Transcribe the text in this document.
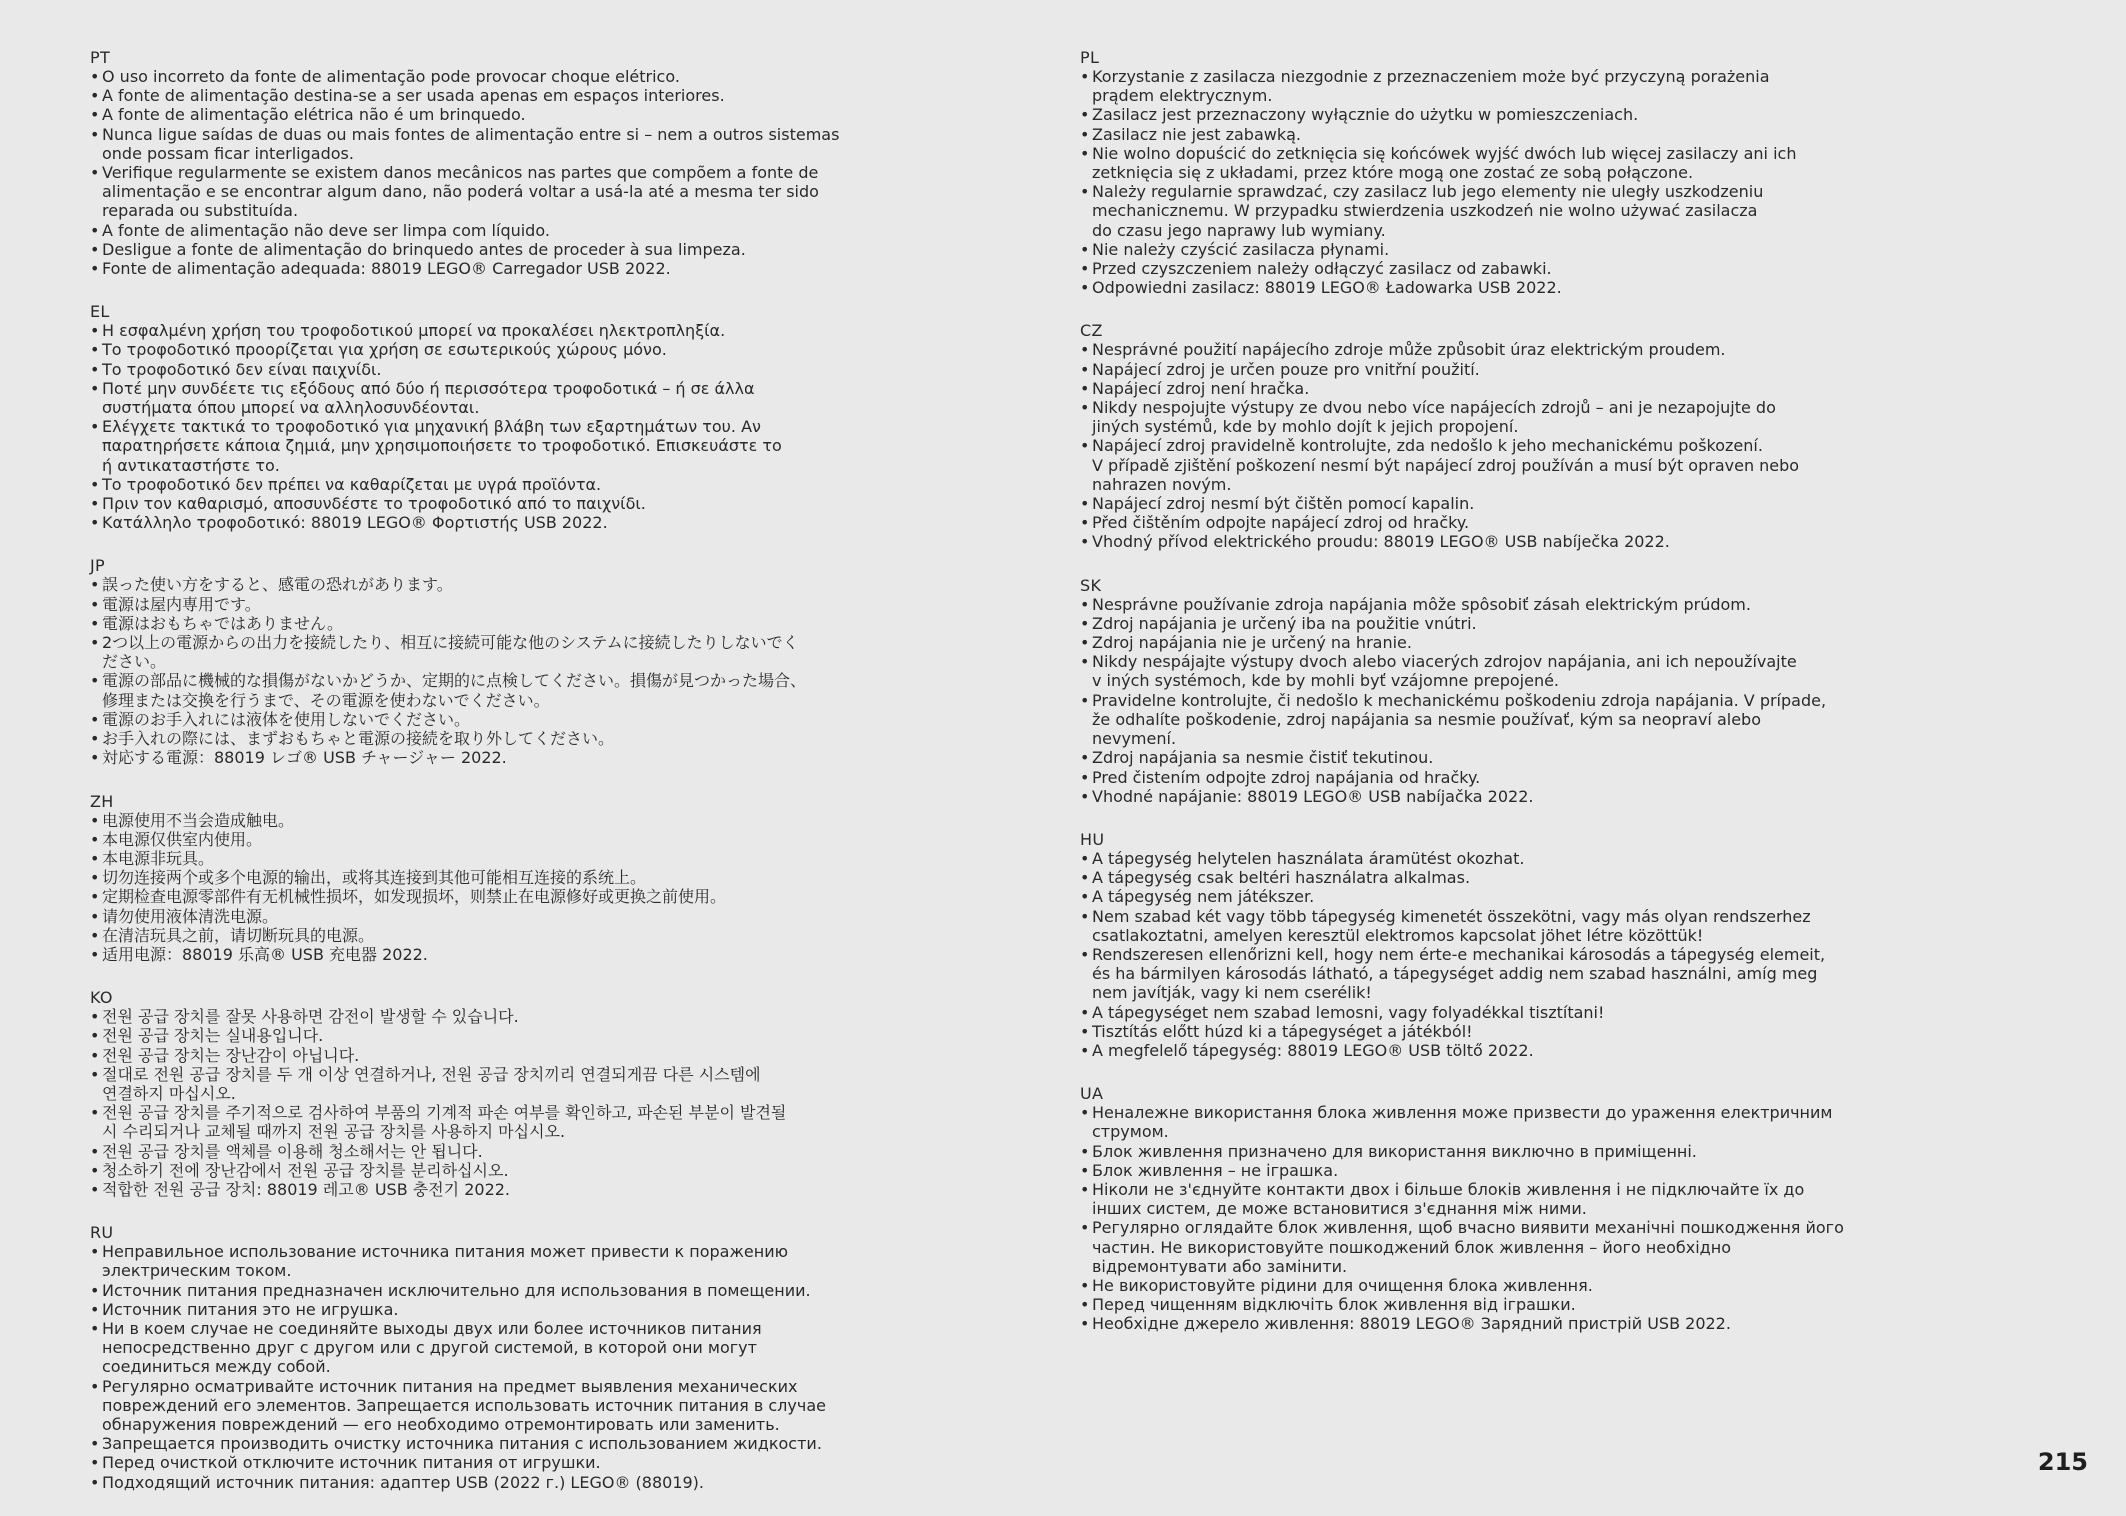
PT
• O uso incorreto da fonte de alimentação pode provocar choque elétrico.
• A fonte de alimentação destina-se a ser usada apenas em espaços interiores.
• A fonte de alimentação elétrica não é um brinquedo.
• Nunca ligue saídas de duas ou mais fontes de alimentação entre si – nem a outros sistemas
onde possam ficar interligados.
• Verifique regularmente se existem danos mecânicos nas partes que compõem a fonte de
alimentação e se encontrar algum dano, não poderá voltar a usá-la até a mesma ter sido
reparada ou substituída.
• A fonte de alimentação não deve ser limpa com líquido.
• Desligue a fonte de alimentação do brinquedo antes de proceder à sua limpeza.
• Fonte de alimentação adequada: 88019 LEGO® Carregador USB 2022.
EL
• Η εσφαλμένη χρήση του τροφοδοτικού μπορεί να προκαλέσει ηλεκτροπληξία.
• Το τροφοδοτικό προορίζεται για χρήση σε εσωτερικούς χώρους μόνο.
• Το τροφοδοτικό δεν είναι παιχνίδι.
• Ποτέ μην συνδέετε τις εξόδους από δύο ή περισσότερα τροφοδοτικά – ή σε άλλα
συστήματα όπου μπορεί να αλληλοσυνδέονται.
• Ελέγχετε τακτικά το τροφοδοτικό για μηχανική βλάβη των εξαρτημάτων του. Αν
παρατηρήσετε κάποια ζημιά, μην χρησιμοποιήσετε το τροφοδοτικό. Επισκευάστε το
ή αντικαταστήστε το.
• Το τροφοδοτικό δεν πρέπει να καθαρίζεται με υγρά προϊόντα.
• Πριν τον καθαρισμό, αποσυνδέστε το τροφοδοτικό από το παιχνίδι.
• Κατάλληλο τροφοδοτικό: 88019 LEGO® Φορτιστής USB 2022.
JP
• 誤った使い方をすると、感電の恐れがあります。
• 電源は屋内専用です。
• 電源はおもちゃではありません。
• 2つ以上の電源からの出力を接続したり、相互に接続可能な他のシステムに接続したりしないでく
ださい。
• 電源の部品に機械的な損傷がないかどうか、定期的に点検してください。損傷が見つかった場合、
修理または交換を行うまで、その電源を使わないでください。
• 電源のお手入れには液体を使用しないでください。
• お手入れの際には、まずおもちゃと電源の接続を取り外してください。
• 対応する電源：88019 レゴ® USB チャージャー 2022.
ZH
• 电源使用不当会造成触电。
• 本电源仅供室内使用。
• 本电源非玩具。
• 切勿连接两个或多个电源的输出，或将其连接到其他可能相互连接的系统上。
• 定期检查电源零部件有无机械性损坏，如发现损坏，则禁止在电源修好或更换之前使用。
• 请勿使用液体清洗电源。
• 在清洁玩具之前，请切断玩具的电源。
• 适用电源：88019 乐高® USB 充电器 2022.
KO
• 전원 공급 장치를 잘못 사용하면 감전이 발생할 수 있습니다.
• 전원 공급 장치는 실내용입니다.
• 전원 공급 장치는 장난감이 아닙니다.
• 절대로 전원 공급 장치를 두 개 이상 연결하거나, 전원 공급 장치끼리 연결되게끔 다른 시스템에
연결하지 마십시오.
• 전원 공급 장치를 주기적으로 검사하여 부품의 기계적 파손 여부를 확인하고, 파손된 부분이 발견될
시 수리되거나 교체될 때까지 전원 공급 장치를 사용하지 마십시오.
• 전원 공급 장치를 액체를 이용해 청소해서는 안 됩니다.
• 청소하기 전에 장난감에서 전원 공급 장치를 분리하십시오.
• 적합한 전원 공급 장치: 88019 레고® USB 충전기 2022.
RU
• Неправильное использование источника питания может привести к поражению
электрическим током.
• Источник питания предназначен исключительно для использования в помещении.
• Источник питания это не игрушка.
• Ни в коем случае не соединяйте выходы двух или более источников питания
непосредственно друг с другом или с другой системой, в которой они могут
соединиться между собой.
• Регулярно осматривайте источник питания на предмет выявления механических
повреждений его элементов. Запрещается использовать источник питания в случае
обнаружения повреждений — его необходимо отремонтировать или заменить.
• Запрещается производить очистку источника питания с использованием жидкости.
• Перед очисткой отключите источник питания от игрушки.
• Подходящий источник питания: адаптер USB (2022 г.) LEGO® (88019).
PL
• Korzystanie z zasilacza niezgodnie z przeznaczeniem może być przyczyną porażenia
prądem elektrycznym.
• Zasilacz jest przeznaczony wyłącznie do użytku w pomieszczeniach.
• Zasilacz nie jest zabawką.
• Nie wolno dopuścić do zetknięcia się końcówek wyjść dwóch lub więcej zasilaczy ani ich
zetknięcia się z układami, przez które mogą one zostać ze sobą połączone.
• Należy regularnie sprawdzać, czy zasilacz lub jego elementy nie uległy uszkodzeniu
mechanicznemu. W przypadku stwierdzenia uszkodzeń nie wolno używać zasilacza
do czasu jego naprawy lub wymiany.
• Nie należy czyścić zasilacza płynami.
• Przed czyszczeniem należy odłączyć zasilacz od zabawki.
• Odpowiedni zasilacz: 88019 LEGO® Ładowarka USB 2022.
CZ
• Nesprávné použití napájecího zdroje může způsobit úraz elektrickým proudem.
• Napájecí zdroj je určen pouze pro vnitřní použití.
• Napájecí zdroj není hračka.
• Nikdy nespojujte výstupy ze dvou nebo více napájecích zdrojů – ani je nezapojujte do
jiných systémů, kde by mohlo dojít k jejich propojení.
• Napájecí zdroj pravidelně kontrolujte, zda nedošlo k jeho mechanickému poškození.
V případě zjištění poškození nesmí být napájecí zdroj používán a musí být opraven nebo
nahrazen novým.
• Napájecí zdroj nesmí být čištěn pomocí kapalin.
• Před čištěním odpojte napájecí zdroj od hračky.
• Vhodný přívod elektrického proudu: 88019 LEGO® USB nabíječka 2022.
SK
• Nesprávne používanie zdroja napájania môže spôsobiť zásah elektrickým prúdom.
• Zdroj napájania je určený iba na použitie vnútri.
• Zdroj napájania nie je určený na hranie.
• Nikdy nespájajte výstupy dvoch alebo viacerých zdrojov napájania, ani ich nepoužívajte
v iných systémoch, kde by mohli byť vzájomne prepojené.
• Pravidelne kontrolujte, či nedošlo k mechanickému poškodeniu zdroja napájania. V prípade,
že odhalíte poškodenie, zdroj napájania sa nesmie používať, kým sa neopraví alebo
nevymení.
• Zdroj napájania sa nesmie čistiť tekutinou.
• Pred čistením odpojte zdroj napájania od hračky.
• Vhodné napájanie: 88019 LEGO® USB nabíjačka 2022.
HU
• A tápegység helytelen használata áramütést okozhat.
• A tápegység csak beltéri használatra alkalmas.
• A tápegység nem játékszer.
• Nem szabad két vagy több tápegység kimenetét összekötni, vagy más olyan rendszerhez
csatlakoztatni, amelyen keresztül elektromos kapcsolat jöhet létre közöttük!
• Rendszeresen ellenőrizni kell, hogy nem érte-e mechanikai károsodás a tápegység elemeit,
és ha bármilyen károsodás látható, a tápegységet addig nem szabad használni, amíg meg
nem javítják, vagy ki nem cserélik!
• A tápegységet nem szabad lemosni, vagy folyadékkal tisztítani!
• Tisztítás előtt húzd ki a tápegységet a játékból!
• A megfelelő tápegység: 88019 LEGO® USB töltő 2022.
UA
• Неналежне використання блока живлення може призвести до ураження електричним
струмом.
• Блок живлення призначено для використання виключно в приміщенні.
• Блок живлення – не іграшка.
• Ніколи не з'єднуйте контакти двох і більше блоків живлення і не підключайте їх до
інших систем, де може встановитися з'єднання між ними.
• Регулярно оглядайте блок живлення, щоб вчасно виявити механічні пошкодження його
частин. Не використовуйте пошкоджений блок живлення – його необхідно
відремонтувати або замінити.
• Не використовуйте рідини для очищення блока живлення.
• Перед чищенням відключіть блок живлення від іграшки.
• Необхідне джерело живлення: 88019 LEGO® Зарядний пристрій USB 2022.
215
